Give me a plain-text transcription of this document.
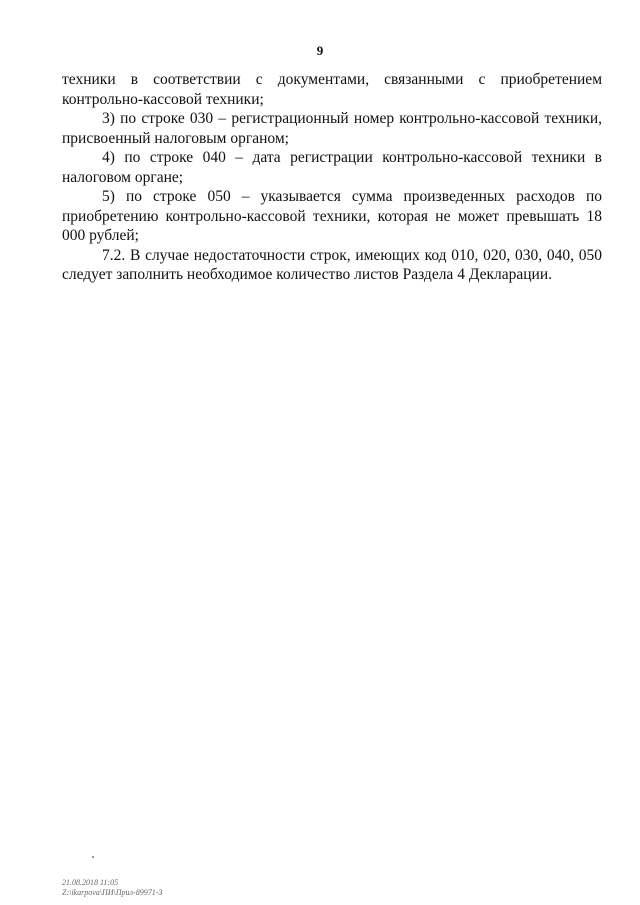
9

техники в соответствии с документами, связанными с приобретением контрольно-кассовой техники;

3) по строке 030 – регистрационный номер контрольно-кассовой техники, присвоенный налоговым органом;

4) по строке 040 – дата регистрации контрольно-кассовой техники в налоговом органе;

5) по строке 050 – указывается сумма произведенных расходов по приобретению контрольно-кассовой техники, которая не может превышать 18 000 рублей;

7.2. В случае недостаточности строк, имеющих код 010, 020, 030, 040, 050 следует заполнить необходимое количество листов Раздела 4 Декларации.

21.08.2018 11:05
Z:\ikarpova\ПИ\Прил-89971-3
